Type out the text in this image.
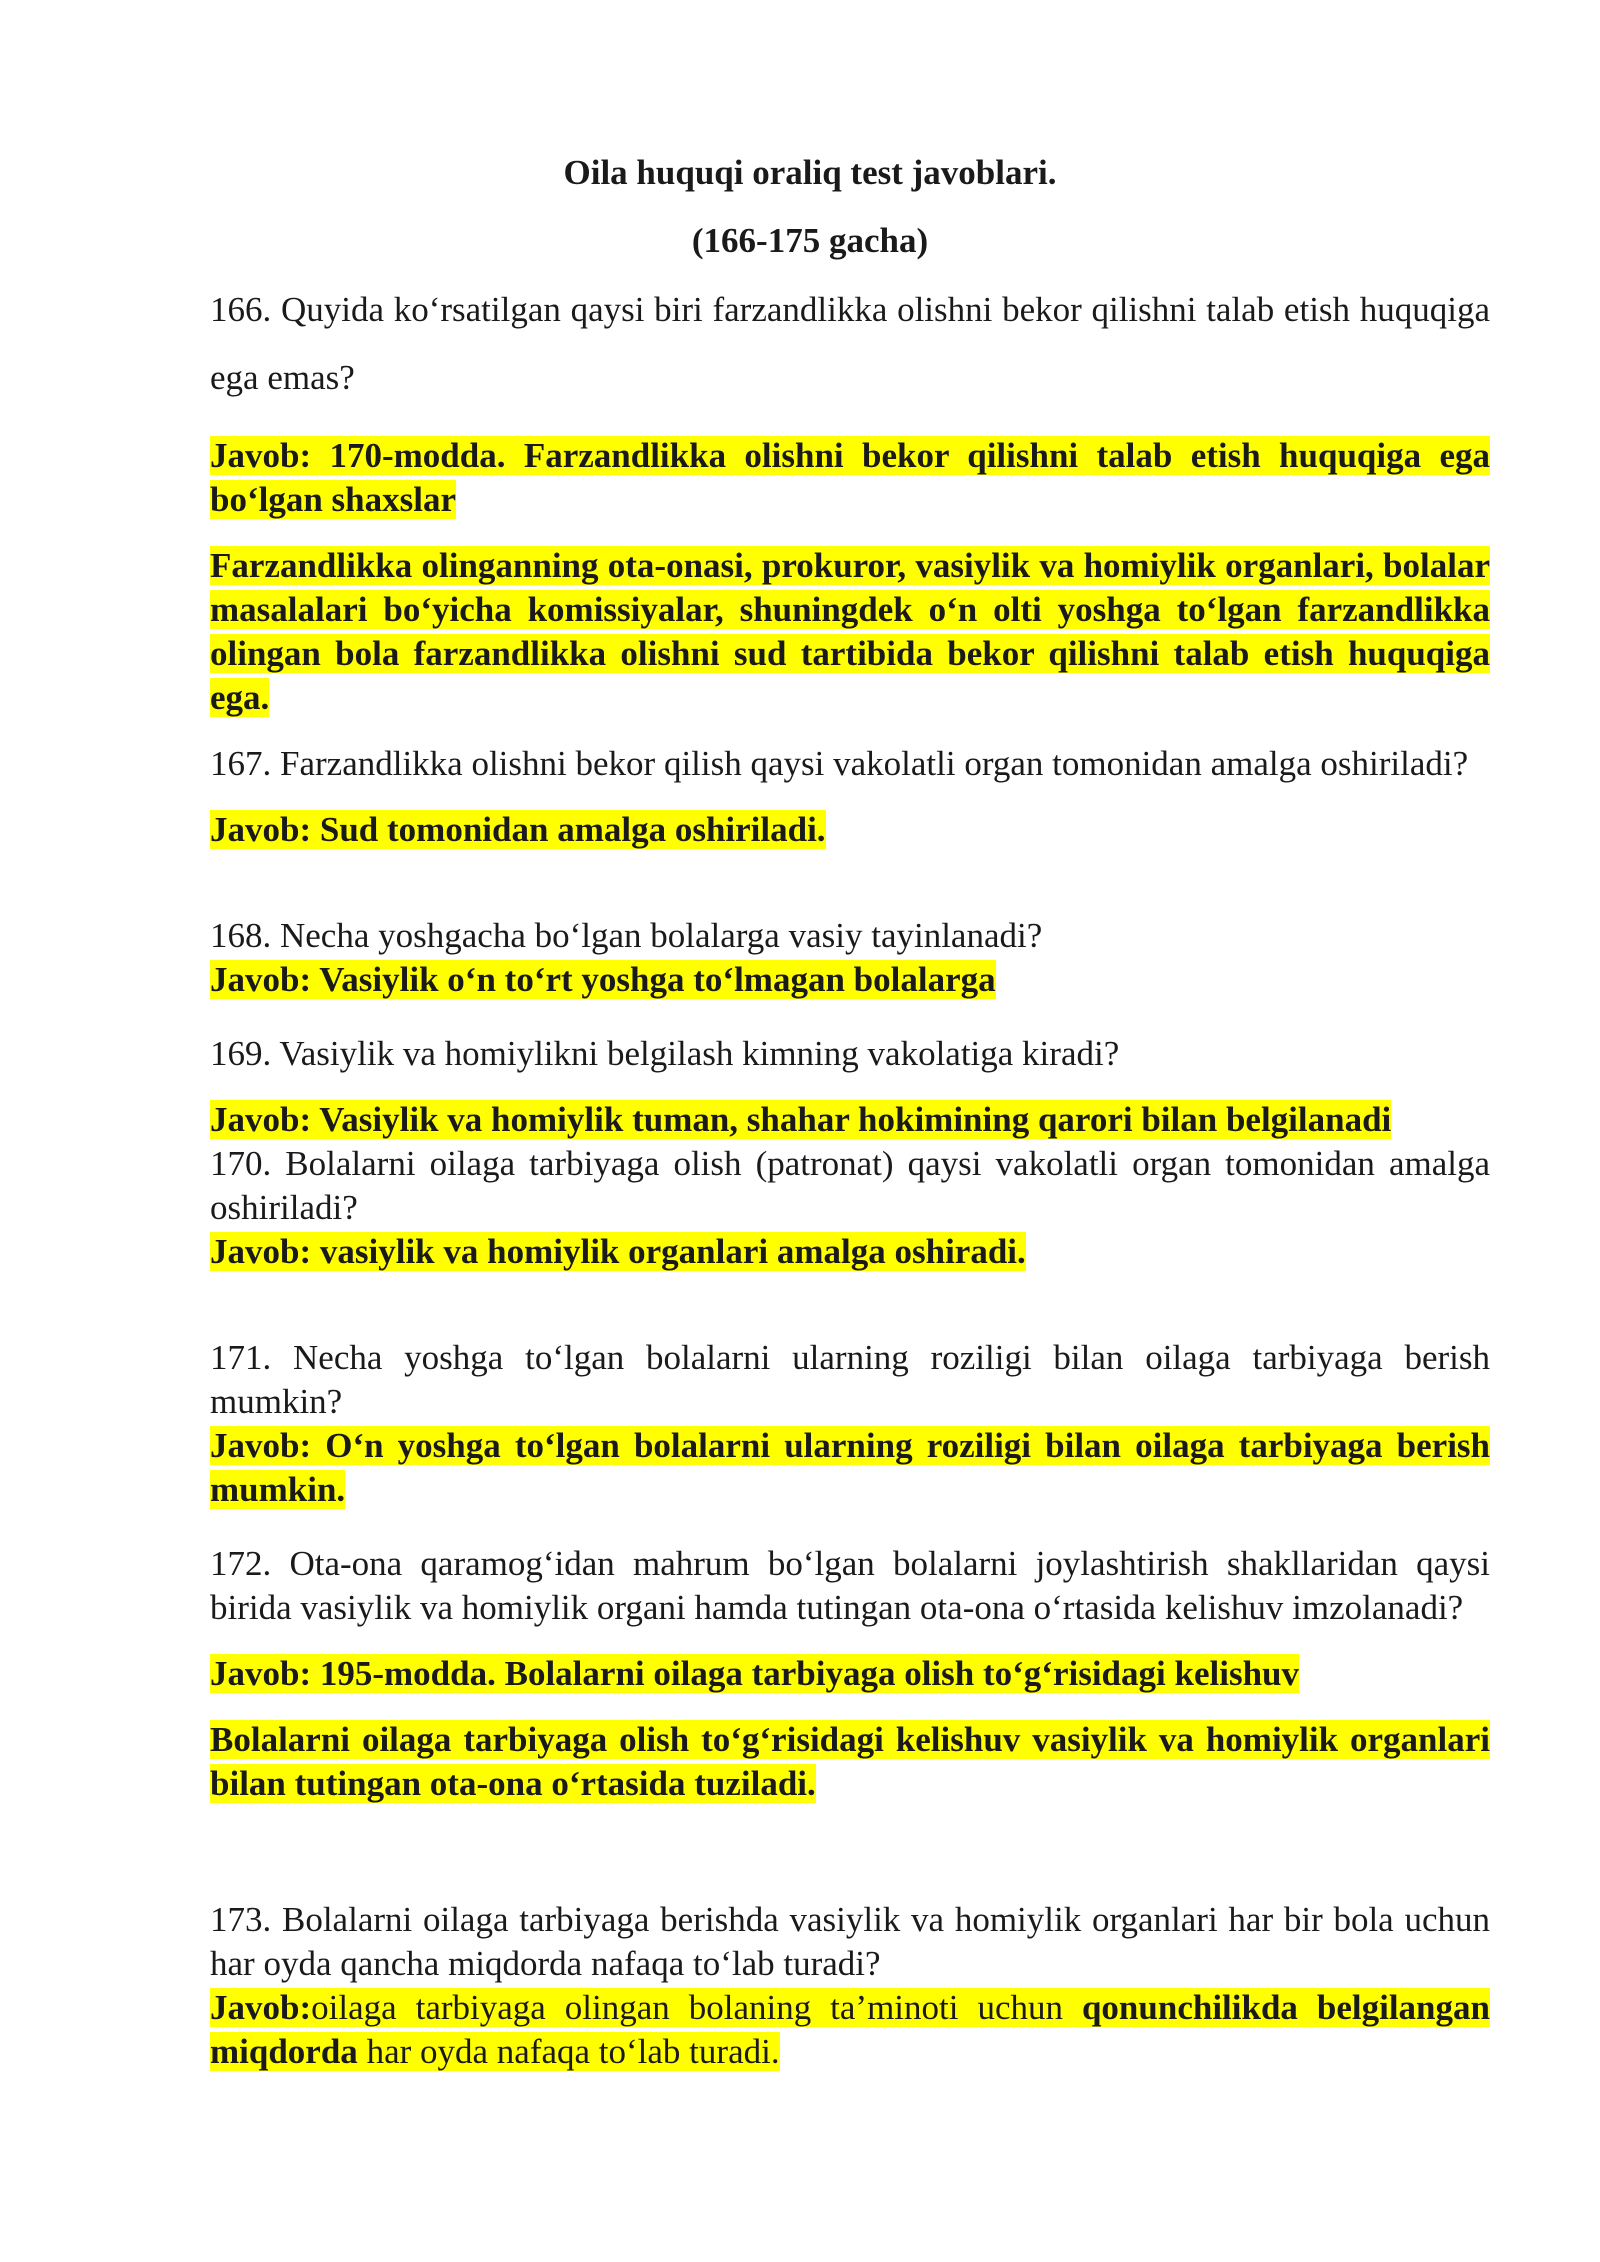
Oila huquqi oraliq test javoblari.

(166-175 gacha)

166. Quyida ko‘rsatilgan qaysi biri farzandlikka olishni bekor qilishni talab etish huquqiga ega emas?

Javob: 170-modda. Farzandlikka olishni bekor qilishni talab etish huquqiga ega bo‘lgan shaxslar

Farzandlikka olinganning ota-onasi, prokuror, vasiylik va homiylik organlari, bolalar masalalari bo‘yicha komissiyalar, shuningdek o‘n olti yoshga to‘lgan farzandlikka olingan bola farzandlikka olishni sud tartibida bekor qilishni talab etish huquqiga ega.

167. Farzandlikka olishni bekor qilish qaysi vakolatli organ tomonidan amalga oshiriladi?

Javob: Sud tomonidan amalga oshiriladi.

168. Necha yoshgacha bo‘lgan bolalarga vasiy tayinlanadi?

Javob: Vasiylik o‘n to‘rt yoshga to‘lmagan bolalarga

169. Vasiylik va homiylikni belgilash kimning vakolatiga kiradi?

Javob: Vasiylik va homiylik tuman, shahar hokimining qarori bilan belgilanadi

170. Bolalarni oilaga tarbiyaga olish (patronat) qaysi vakolatli organ tomonidan amalga oshiriladi?

Javob: vasiylik va homiylik organlari amalga oshiradi.

171. Necha yoshga to‘lgan bolalarni ularning roziligi bilan oilaga tarbiyaga berish mumkin?

Javob: O‘n yoshga to‘lgan bolalarni ularning roziligi bilan oilaga tarbiyaga berish mumkin.

172. Ota-ona qaramog‘idan mahrum bo‘lgan bolalarni joylashtirish shakllaridan qaysi birida vasiylik va homiylik organi hamda tutingan ota-ona o‘rtasida kelishuv imzolanadi?

Javob: 195-modda. Bolalarni oilaga tarbiyaga olish to‘g‘risidagi kelishuv

Bolalarni oilaga tarbiyaga olish to‘g‘risidagi kelishuv vasiylik va homiylik organlari bilan tutingan ota-ona o‘rtasida tuziladi.

173. Bolalarni oilaga tarbiyaga berishda vasiylik va homiylik organlari har bir bola uchun har oyda qancha miqdorda nafaqa to‘lab turadi?

Javob:oilaga tarbiyaga olingan bolaning ta’minoti uchun qonunchilikda belgilangan miqdorda har oyda nafaqa to‘lab turadi.
